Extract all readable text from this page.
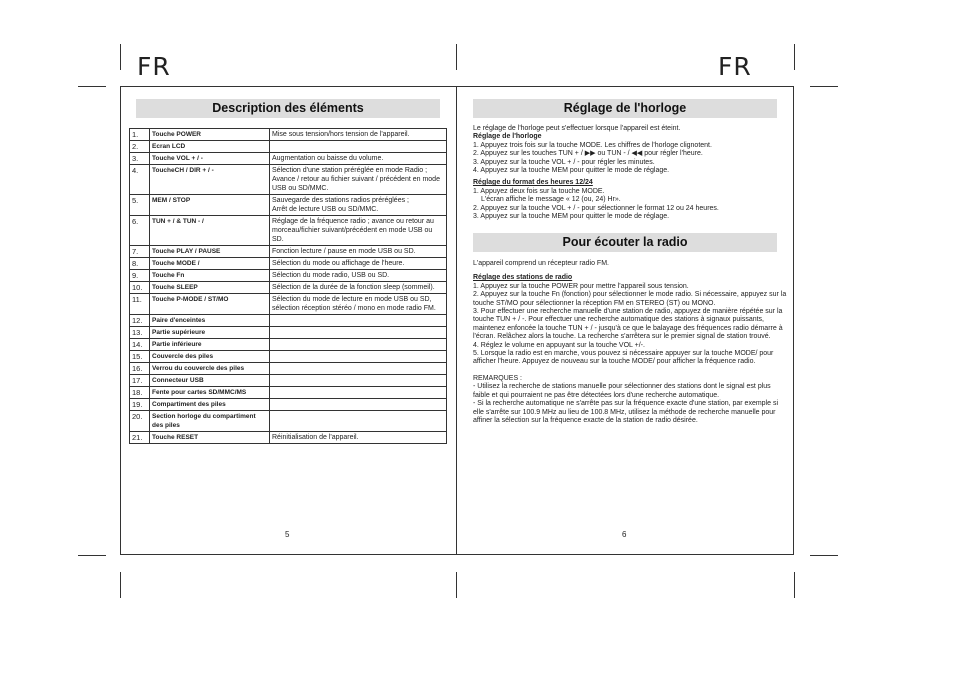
FR	FR
Description des éléments
1.	Touche POWER	Mise sous tension/hors tension de l'appareil.
2.	Ecran LCD	
3.	Touche VOL + / -	Augmentation ou baisse du volume.
4.	ToucheCH / DIR + / -	Sélection d'une station préréglée en mode Radio ;
Avance / retour au fichier suivant / précédent en mode USB ou SD/MMC.
5.	MEM / STOP	Sauvegarde des stations radios préréglées ;
Arrêt de lecture USB ou SD/MMC.
6.	TUN + / & TUN - /	Réglage de la fréquence radio ; avance ou retour au morceau/fichier suivant/précédent en mode USB ou SD.
7.	Touche PLAY / PAUSE	Fonction lecture / pause en mode USB ou SD.
8.	Touche MODE /	Sélection du mode ou affichage de l'heure.
9.	Touche Fn	Sélection du mode radio, USB ou SD.
10.	Touche SLEEP	Sélection de la durée de la fonction sleep (sommeil).
11.	Touche P-MODE / ST/MO	Sélection du mode de lecture en mode USB ou SD, sélection réception stéréo / mono en mode radio FM.
12.	Paire d'enceintes	
13.	Partie supérieure	
14.	Partie inférieure	
15.	Couvercle des piles	
16.	Verrou du couvercle des piles	
17.	Connecteur USB	
18.	Fente pour cartes SD/MMC/MS	
19.	Compartiment des piles	
20.	Section horloge du compartiment des piles	
21.	Touche RESET	Réinitialisation de l'appareil.
5
Réglage de l'horloge

Le réglage de l'horloge peut s'effectuer lorsque l'appareil est éteint.

Réglage de l'horloge

1. Appuyez trois fois sur la touche MODE. Les chiffres de l'horloge clignotent.

2. Appuyez sur les touches TUN + / ▶▶ ou TUN - / ◀◀ pour régler l'heure.

3. Appuyez sur la touche VOL + / - pour régler les minutes.

4. Appuyez sur la touche MEM pour quitter le mode de réglage.

Réglage du format des heures 12/24

1. Appuyez deux fois sur la touche MODE.

L'écran affiche le message « 12 (ou, 24) Hr».

2. Appuyez sur la touche VOL + / - pour sélectionner le format 12 ou 24 heures.

3. Appuyez sur la touche MEM pour quitter le mode de réglage.

Pour écouter la radio

L'appareil comprend un récepteur radio FM.

Réglage des stations de radio

1. Appuyez sur la touche POWER pour mettre l'appareil sous tension.

2. Appuyez sur la touche Fn (fonction) pour sélectionner le mode radio. Si nécessaire, appuyez sur la touche ST/MO pour sélectionner la réception FM en STEREO (ST) ou MONO.

3. Pour effectuer une recherche manuelle d'une station de radio, appuyez de manière répétée sur la touche TUN + / -. Pour effectuer une recherche automatique des stations à signaux puissants, maintenez enfoncée la touche TUN + / - jusqu'à ce que le balayage des fréquences radio démarre à l'écran. Relâchez alors la touche. La recherche s'arrêtera sur le premier signal de station trouvé.

4. Réglez le volume en appuyant sur la touche VOL +/-.

5. Lorsque la radio est en marche, vous pouvez si nécessaire appuyer sur la touche MODE/ pour afficher l'heure. Appuyez de nouveau sur la touche MODE/ pour afficher la fréquence radio.

REMARQUES :

- Utilisez la recherche de stations manuelle pour sélectionner des stations dont le signal est plus faible et qui pourraient ne pas être détectées lors d'une recherche automatique.

- Si la recherche automatique ne s'arrête pas sur la fréquence exacte d'une station, par exemple si elle s'arrête sur 100.9 MHz au lieu de 100.8 MHz, utilisez la méthode de recherche manuelle pour affiner la sélection sur la fréquence exacte de la station de radio désirée.

6
